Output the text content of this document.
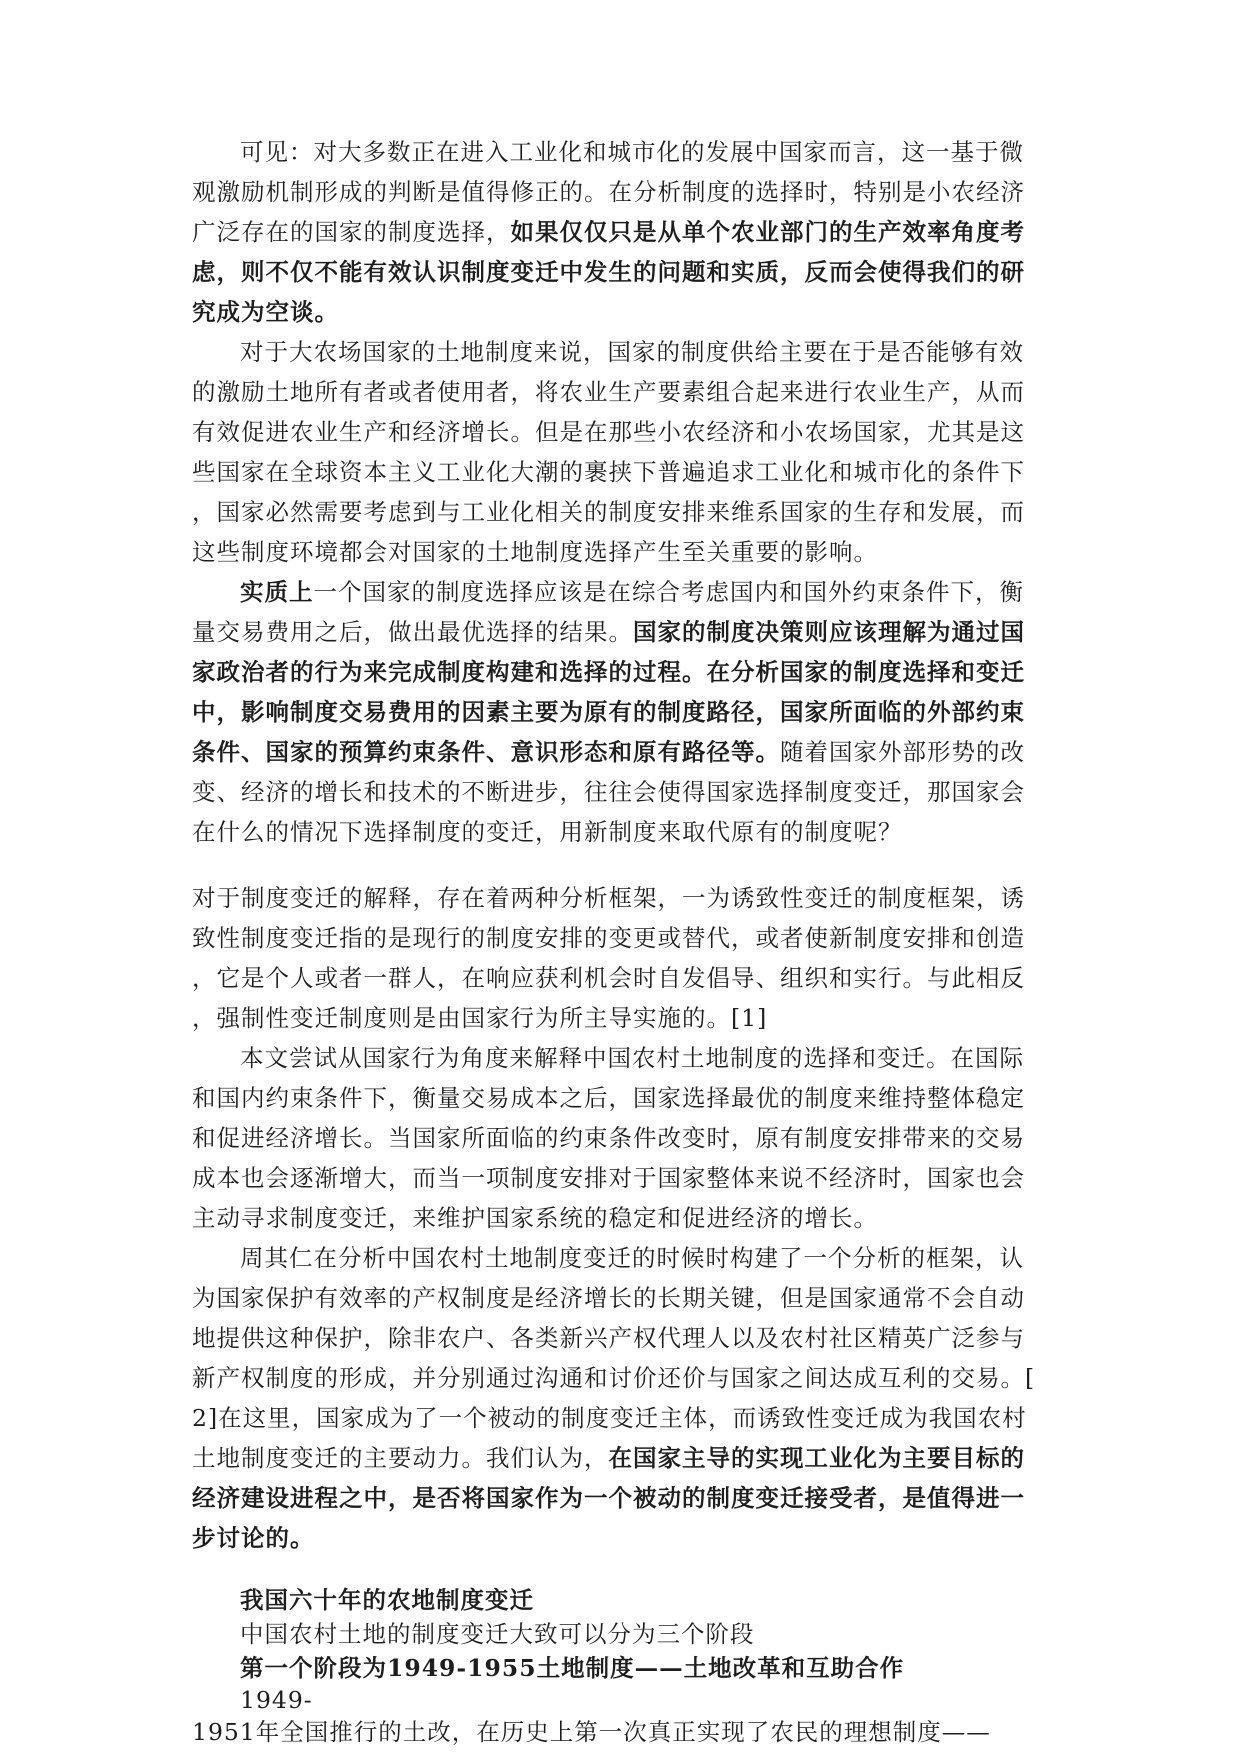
可见：对大多数正在进入工业化和城市化的发展中国家而言，这一基于微
观激励机制形成的判断是值得修正的。在分析制度的选择时，特别是小农经济
广泛存在的国家的制度选择，如果仅仅只是从单个农业部门的生产效率角度考
虑，则不仅不能有效认识制度变迁中发生的问题和实质，反而会使得我们的研
究成为空谈。
对于大农场国家的土地制度来说，国家的制度供给主要在于是否能够有效
的激励土地所有者或者使用者，将农业生产要素组合起来进行农业生产，从而
有效促进农业生产和经济增长。但是在那些小农经济和小农场国家，尤其是这
些国家在全球资本主义工业化大潮的裹挟下普遍追求工业化和城市化的条件下
，国家必然需要考虑到与工业化相关的制度安排来维系国家的生存和发展，而
这些制度环境都会对国家的土地制度选择产生至关重要的影响。
实质上一个国家的制度选择应该是在综合考虑国内和国外约束条件下，衡
量交易费用之后，做出最优选择的结果。国家的制度决策则应该理解为通过国
家政治者的行为来完成制度构建和选择的过程。在分析国家的制度选择和变迁
中，影响制度交易费用的因素主要为原有的制度路径，国家所面临的外部约束
条件、国家的预算约束条件、意识形态和原有路径等。随着国家外部形势的改
变、经济的增长和技术的不断进步，往往会使得国家选择制度变迁，那国家会
在什么的情况下选择制度的变迁，用新制度来取代原有的制度呢？
对于制度变迁的解释，存在着两种分析框架，一为诱致性变迁的制度框架，诱
致性制度变迁指的是现行的制度安排的变更或替代，或者使新制度安排和创造
，它是个人或者一群人，在响应获利机会时自发倡导、组织和实行。与此相反
，强制性变迁制度则是由国家行为所主导实施的。[1]
本文尝试从国家行为角度来解释中国农村土地制度的选择和变迁。在国际
和国内约束条件下，衡量交易成本之后，国家选择最优的制度来维持整体稳定
和促进经济增长。当国家所面临的约束条件改变时，原有制度安排带来的交易
成本也会逐渐增大，而当一项制度安排对于国家整体来说不经济时，国家也会
主动寻求制度变迁，来维护国家系统的稳定和促进经济的增长。
周其仁在分析中国农村土地制度变迁的时候时构建了一个分析的框架，认
为国家保护有效率的产权制度是经济增长的长期关键，但是国家通常不会自动
地提供这种保护，除非农户、各类新兴产权代理人以及农村社区精英广泛参与
新产权制度的形成，并分别通过沟通和讨价还价与国家之间达成互利的交易。[
2]在这里，国家成为了一个被动的制度变迁主体，而诱致性变迁成为我国农村
土地制度变迁的主要动力。我们认为，在国家主导的实现工业化为主要目标的
经济建设进程之中，是否将国家作为一个被动的制度变迁接受者，是值得进一
步讨论的。
我国六十年的农地制度变迁
中国农村土地的制度变迁大致可以分为三个阶段
第一个阶段为1949-1955土地制度——土地改革和互助合作
1949-
1951年全国推行的土改，在历史上第一次真正实现了农民的理想制度——
